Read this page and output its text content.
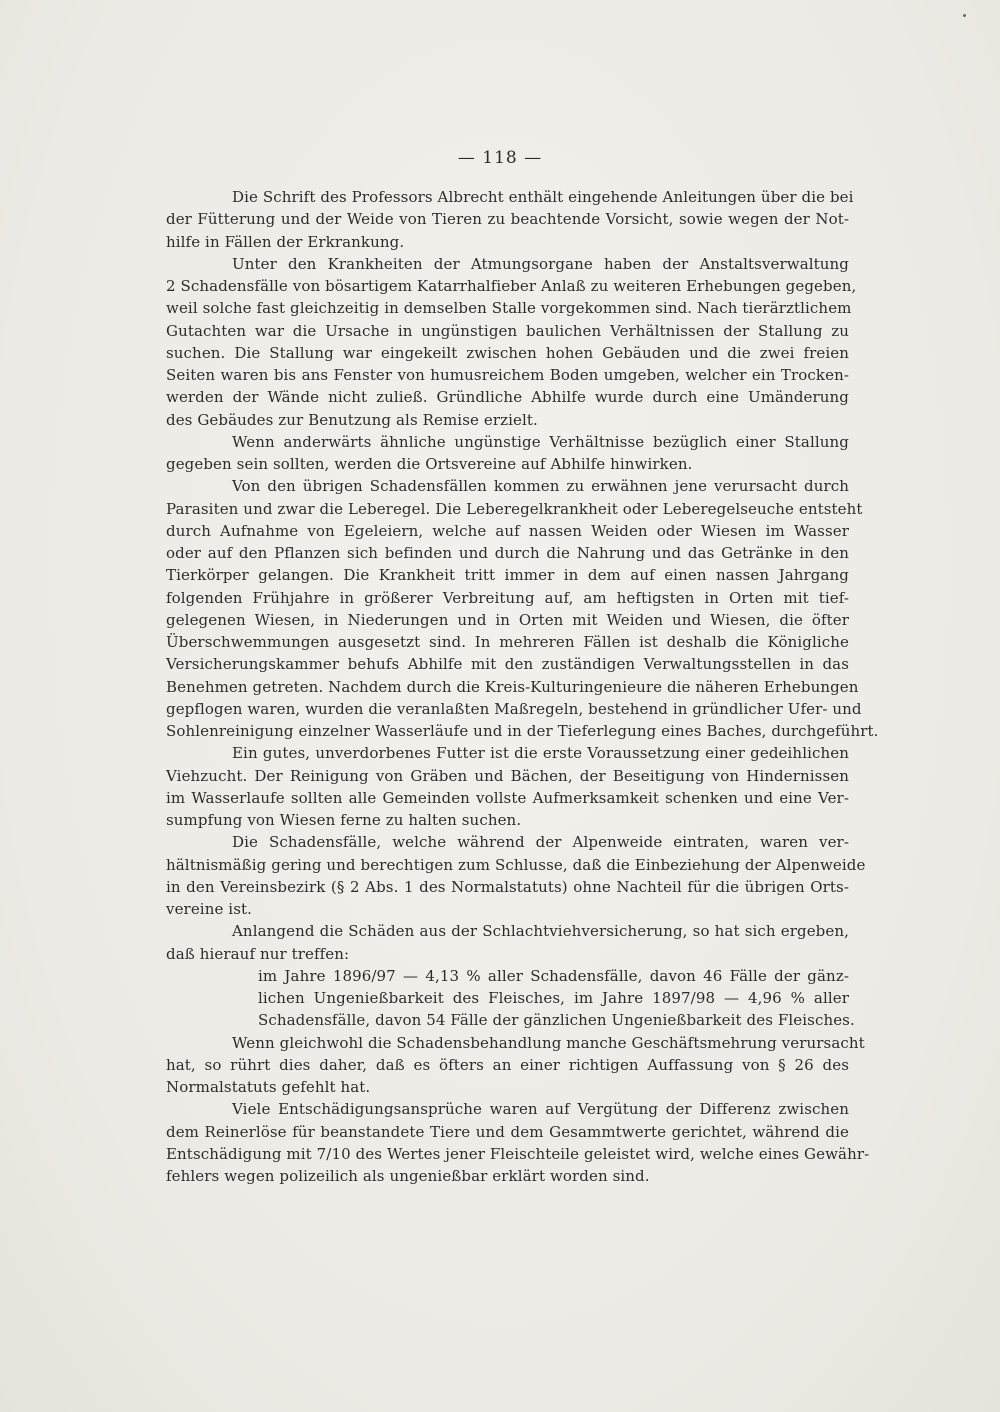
— 118 —
Die Schrift des Professors Albrecht enthält eingehende Anleitungen über die bei
der Fütterung und der Weide von Tieren zu beachtende Vorsicht, sowie wegen der Not-
hilfe in Fällen der Erkrankung.
Unter den Krankheiten der Atmungsorgane haben der Anstaltsverwaltung
2 Schadensfälle von bösartigem Katarrhalfieber Anlaß zu weiteren Erhebungen gegeben,
weil solche fast gleichzeitig in demselben Stalle vorgekommen sind. Nach tierärztlichem
Gutachten war die Ursache in ungünstigen baulichen Verhältnissen der Stallung zu
suchen. Die Stallung war eingekeilt zwischen hohen Gebäuden und die zwei freien
Seiten waren bis ans Fenster von humusreichem Boden umgeben, welcher ein Trocken-
werden der Wände nicht zuließ. Gründliche Abhilfe wurde durch eine Umänderung
des Gebäudes zur Benutzung als Remise erzielt.
Wenn anderwärts ähnliche ungünstige Verhältnisse bezüglich einer Stallung
gegeben sein sollten, werden die Ortsvereine auf Abhilfe hinwirken.
Von den übrigen Schadensfällen kommen zu erwähnen jene verursacht durch
Parasiten und zwar die Leberegel. Die Leberegelkrankheit oder Leberegelseuche entsteht
durch Aufnahme von Egeleiern, welche auf nassen Weiden oder Wiesen im Wasser
oder auf den Pflanzen sich befinden und durch die Nahrung und das Getränke in den
Tierkörper gelangen. Die Krankheit tritt immer in dem auf einen nassen Jahrgang
folgenden Frühjahre in größerer Verbreitung auf, am heftigsten in Orten mit tief-
gelegenen Wiesen, in Niederungen und in Orten mit Weiden und Wiesen, die öfter
Überschwemmungen ausgesetzt sind. In mehreren Fällen ist deshalb die Königliche
Versicherungskammer behufs Abhilfe mit den zuständigen Verwaltungsstellen in das
Benehmen getreten. Nachdem durch die Kreis-Kulturingenieure die näheren Erhebungen
gepflogen waren, wurden die veranlaßten Maßregeln, bestehend in gründlicher Ufer- und
Sohlenreinigung einzelner Wasserläufe und in der Tieferlegung eines Baches, durchgeführt.
Ein gutes, unverdorbenes Futter ist die erste Voraussetzung einer gedeihlichen
Viehzucht. Der Reinigung von Gräben und Bächen, der Beseitigung von Hindernissen
im Wasserlaufe sollten alle Gemeinden vollste Aufmerksamkeit schenken und eine Ver-
sumpfung von Wiesen ferne zu halten suchen.
Die Schadensfälle, welche während der Alpenweide eintraten, waren ver-
hältnismäßig gering und berechtigen zum Schlusse, daß die Einbeziehung der Alpenweide
in den Vereinsbezirk (§ 2 Abs. 1 des Normalstatuts) ohne Nachteil für die übrigen Orts-
vereine ist.
Anlangend die Schäden aus der Schlachtviehversicherung, so hat sich ergeben,
daß hierauf nur treffen:
im Jahre 1896/97 — 4,13 % aller Schadensfälle, davon 46 Fälle der gänz-
lichen Ungenießbarkeit des Fleisches, im Jahre 1897/98 — 4,96 % aller
Schadensfälle, davon 54 Fälle der gänzlichen Ungenießbarkeit des Fleisches.
Wenn gleichwohl die Schadensbehandlung manche Geschäftsmehrung verursacht
hat, so rührt dies daher, daß es öfters an einer richtigen Auffassung von § 26 des
Normalstatuts gefehlt hat.
Viele Entschädigungsansprüche waren auf Vergütung der Differenz zwischen
dem Reinerlöse für beanstandete Tiere und dem Gesammtwerte gerichtet, während die
Entschädigung mit 7/10 des Wertes jener Fleischteile geleistet wird, welche eines Gewähr-
fehlers wegen polizeilich als ungenießbar erklärt worden sind.
